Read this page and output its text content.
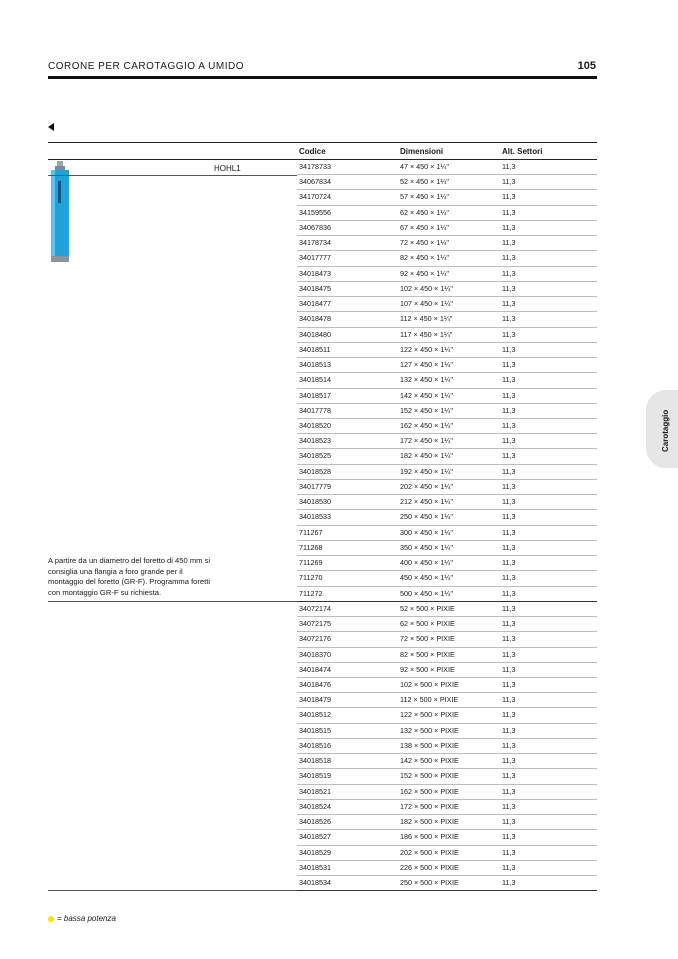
CORONE PER CAROTAGGIO A UMIDO	105
Codice	Dimensioni	Alt. Settori
HOHL1
A partire da un diametro del foretto di 450 mm si consiglia una flangia a foro grande per il montaggio del foretto (GR-F). Programma foretti con montaggio GR-F su richiesta.
34178733	47 × 450 × 1¼"	11,3
34067834	52 × 450 × 1¼"	11,3
34170724	57 × 450 × 1¼"	11,3
34159556	62 × 450 × 1¼"	11,3
34067836	67 × 450 × 1¼"	11,3
34178734	72 × 450 × 1¼"	11,3
34017777	82 × 450 × 1¼"	11,3
34018473	92 × 450 × 1¼"	11,3
34018475	102 × 450 × 1¼"	11,3
34018477	107 × 450 × 1¼"	11,3
34018478	112 × 450 × 1¼"	11,3
34018480	117 × 450 × 1¼"	11,3
34018511	122 × 450 × 1¼"	11,3
34018513	127 × 450 × 1¼"	11,3
34018514	132 × 450 × 1¼"	11,3
34018517	142 × 450 × 1¼"	11,3
34017778	152 × 450 × 1¼"	11,3
34018520	162 × 450 × 1¼"	11,3
34018523	172 × 450 × 1¼"	11,3
34018525	182 × 450 × 1¼"	11,3
34018528	192 × 450 × 1¼"	11,3
34017779	202 × 450 × 1¼"	11,3
34018530	212 × 450 × 1¼"	11,3
34018533	250 × 450 × 1¼"	11,3
711267	300 × 450 × 1¼"	11,3
711268	350 × 450 × 1¼"	11,3
711269	400 × 450 × 1¼"	11,3
711270	450 × 450 × 1¼"	11,3
711272	500 × 450 × 1¼"	11,3
34072174	52 × 500 × PIXIE	11,3
34072175	62 × 500 × PIXIE	11,3
34072176	72 × 500 × PIXIE	11,3
34018370	82 × 500 × PIXIE	11,3
34018474	92 × 500 × PIXIE	11,3
34018476	102 × 500 × PIXIE	11,3
34018479	112 × 500 × PIXIE	11,3
34018512	122 × 500 × PIXIE	11,3
34018515	132 × 500 × PIXIE	11,3
34018516	138 × 500 × PIXIE	11,3
34018518	142 × 500 × PIXIE	11,3
34018519	152 × 500 × PIXIE	11,3
34018521	162 × 500 × PIXIE	11,3
34018524	172 × 500 × PIXIE	11,3
34018526	182 × 500 × PIXIE	11,3
34018527	186 × 500 × PIXIE	11,3
34018529	202 × 500 × PIXIE	11,3
34018531	226 × 500 × PIXIE	11,3
34018534	250 × 500 × PIXIE	11,3
Carotaggio
= bassa potenza
